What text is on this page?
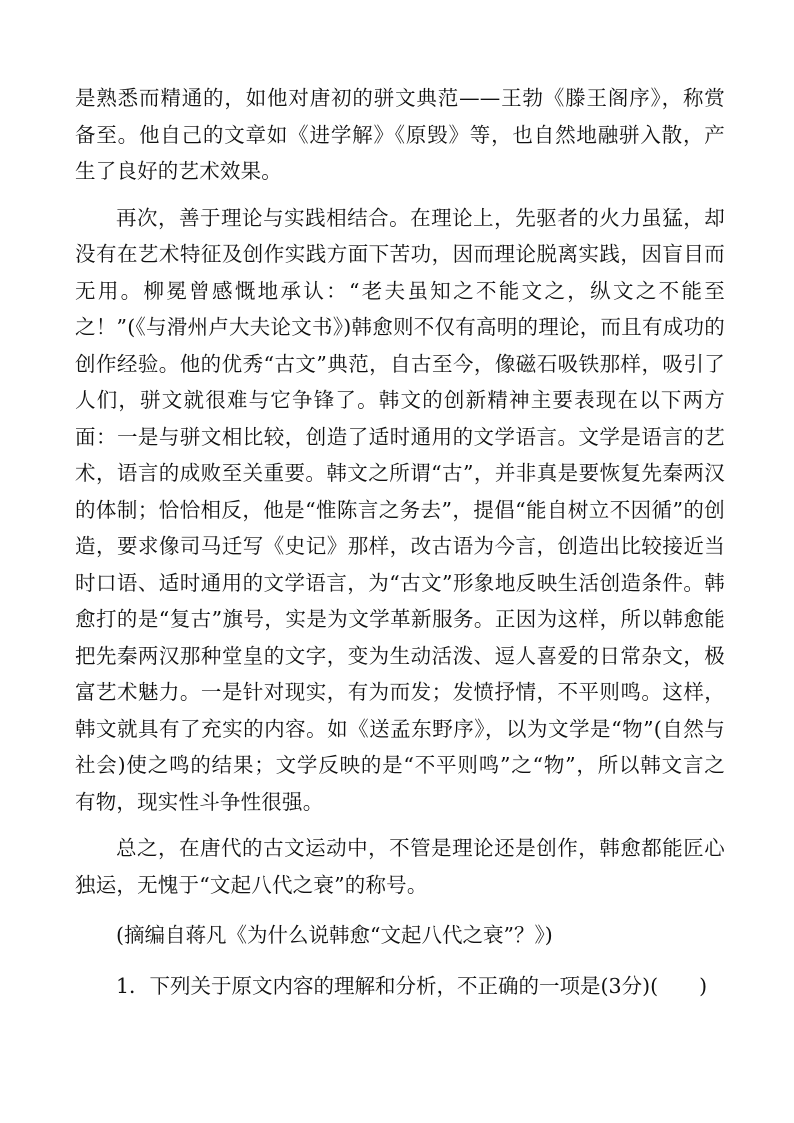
是熟悉而精通的，如他对唐初的骈文典范——王勃《滕王阁序》，称赏备至。他自己的文章如《进学解》《原毁》等，也自然地融骈入散，产生了良好的艺术效果。

再次，善于理论与实践相结合。在理论上，先驱者的火力虽猛，却没有在艺术特征及创作实践方面下苦功，因而理论脱离实践，因盲目而无用。柳冕曾感慨地承认：“老夫虽知之不能文之，纵文之不能至之！”(《与滑州卢大夫论文书》)韩愈则不仅有高明的理论，而且有成功的创作经验。他的优秀“古文”典范，自古至今，像磁石吸铁那样，吸引了人们，骈文就很难与它争锋了。韩文的创新精神主要表现在以下两方面：一是与骈文相比较，创造了适时通用的文学语言。文学是语言的艺术，语言的成败至关重要。韩文之所谓“古”，并非真是要恢复先秦两汉的体制；恰恰相反，他是“惟陈言之务去”，提倡“能自树立不因循”的创造，要求像司马迁写《史记》那样，改古语为今言，创造出比较接近当时口语、适时通用的文学语言，为“古文”形象地反映生活创造条件。韩愈打的是“复古”旗号，实是为文学革新服务。正因为这样，所以韩愈能把先秦两汉那种堂皇的文字，变为生动活泼、逗人喜爱的日常杂文，极富艺术魅力。一是针对现实，有为而发；发愤抒情，不平则鸣。这样，韩文就具有了充实的内容。如《送孟东野序》，以为文学是“物”(自然与社会)使之鸣的结果；文学反映的是“不平则鸣”之“物”，所以韩文言之有物，现实性斗争性很强。

总之，在唐代的古文运动中，不管是理论还是创作，韩愈都能匠心独运，无愧于“文起八代之衰”的称号。

(摘编自蒋凡《为什么说韩愈“文起八代之衰”？》)

1．下列关于原文内容的理解和分析，不正确的一项是(3分)(　　)
